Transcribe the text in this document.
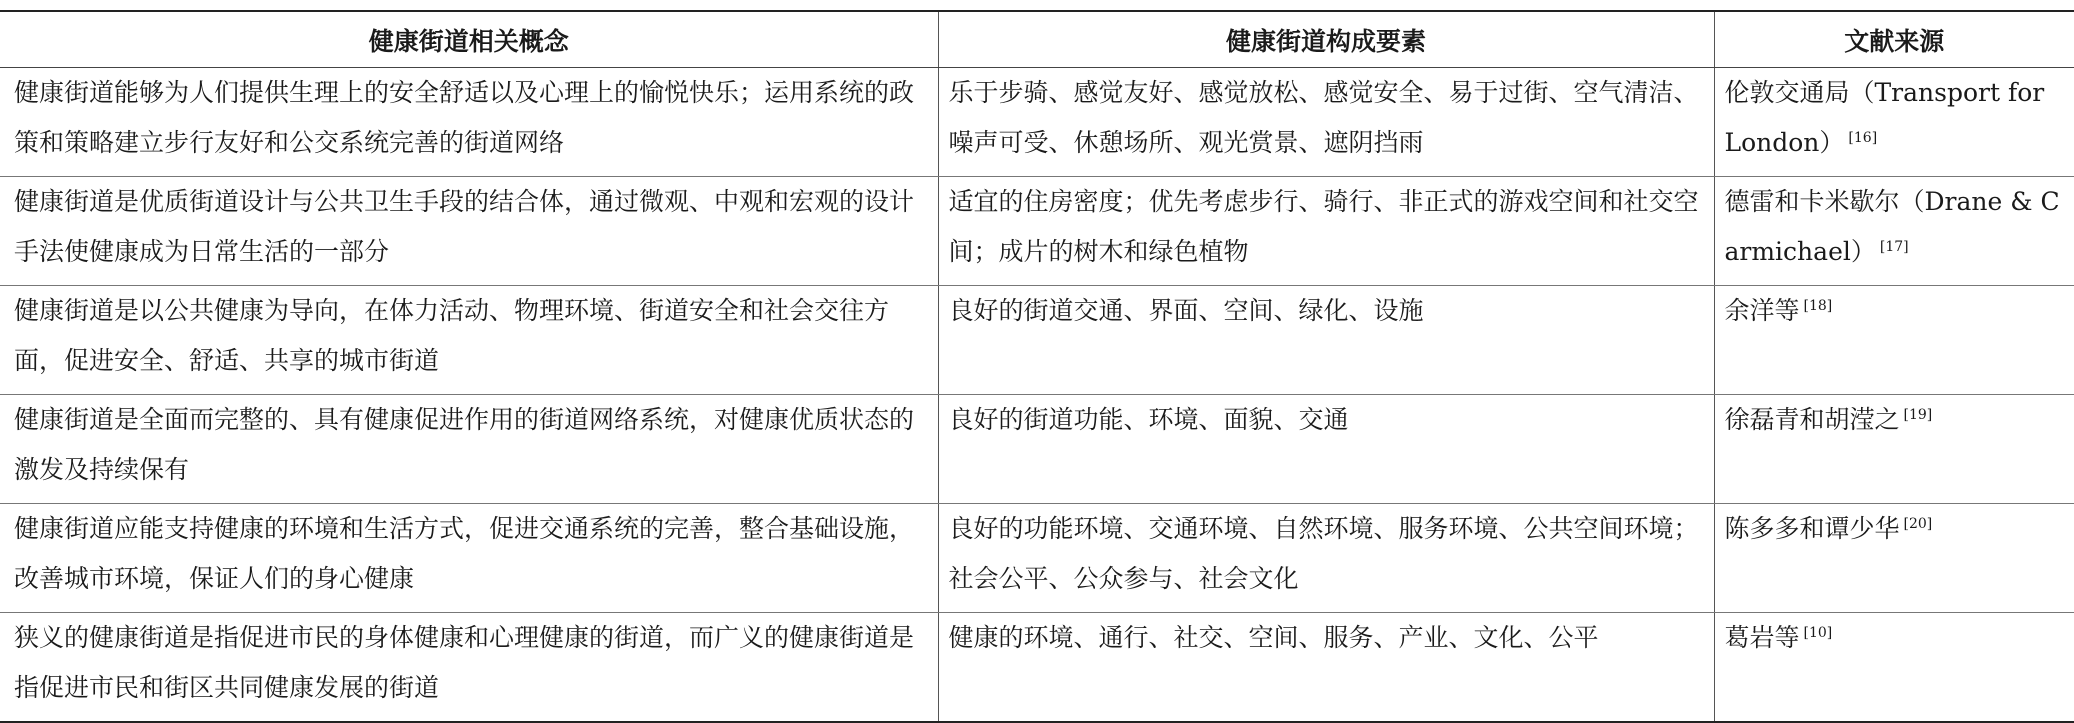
健康街道相关概念	健康街道构成要素	文献来源
健康街道能够为人们提供生理上的安全舒适以及心理上的愉悦快乐；运用系统的政策和策略建立步行友好和公交系统完善的街道网络	乐于步骑、感觉友好、感觉放松、感觉安全、易于过街、空气清洁、噪声可受、休憩场所、观光赏景、遮阴挡雨	伦敦交通局（Transport for London） [16]
健康街道是优质街道设计与公共卫生手段的结合体，通过微观、中观和宏观的设计手法使健康成为日常生活的一部分	适宜的住房密度；优先考虑步行、骑行、非正式的游戏空间和社交空间；成片的树木和绿色植物	德雷和卡米歇尔（Drane & Carmichael） [17]
健康街道是以公共健康为导向，在体力活动、物理环境、街道安全和社会交往方面，促进安全、舒适、共享的城市街道	良好的街道交通、界面、空间、绿化、设施	余洋等 [18]
健康街道是全面而完整的、具有健康促进作用的街道网络系统，对健康优质状态的激发及持续保有	良好的街道功能、环境、面貌、交通	徐磊青和胡滢之 [19]
健康街道应能支持健康的环境和生活方式，促进交通系统的完善，整合基础设施，改善城市环境，保证人们的身心健康	良好的功能环境、交通环境、自然环境、服务环境、公共空间环境；社会公平、公众参与、社会文化	陈多多和谭少华 [20]
狭义的健康街道是指促进市民的身体健康和心理健康的街道，而广义的健康街道是指促进市民和街区共同健康发展的街道	健康的环境、通行、社交、空间、服务、产业、文化、公平	葛岩等 [10]
